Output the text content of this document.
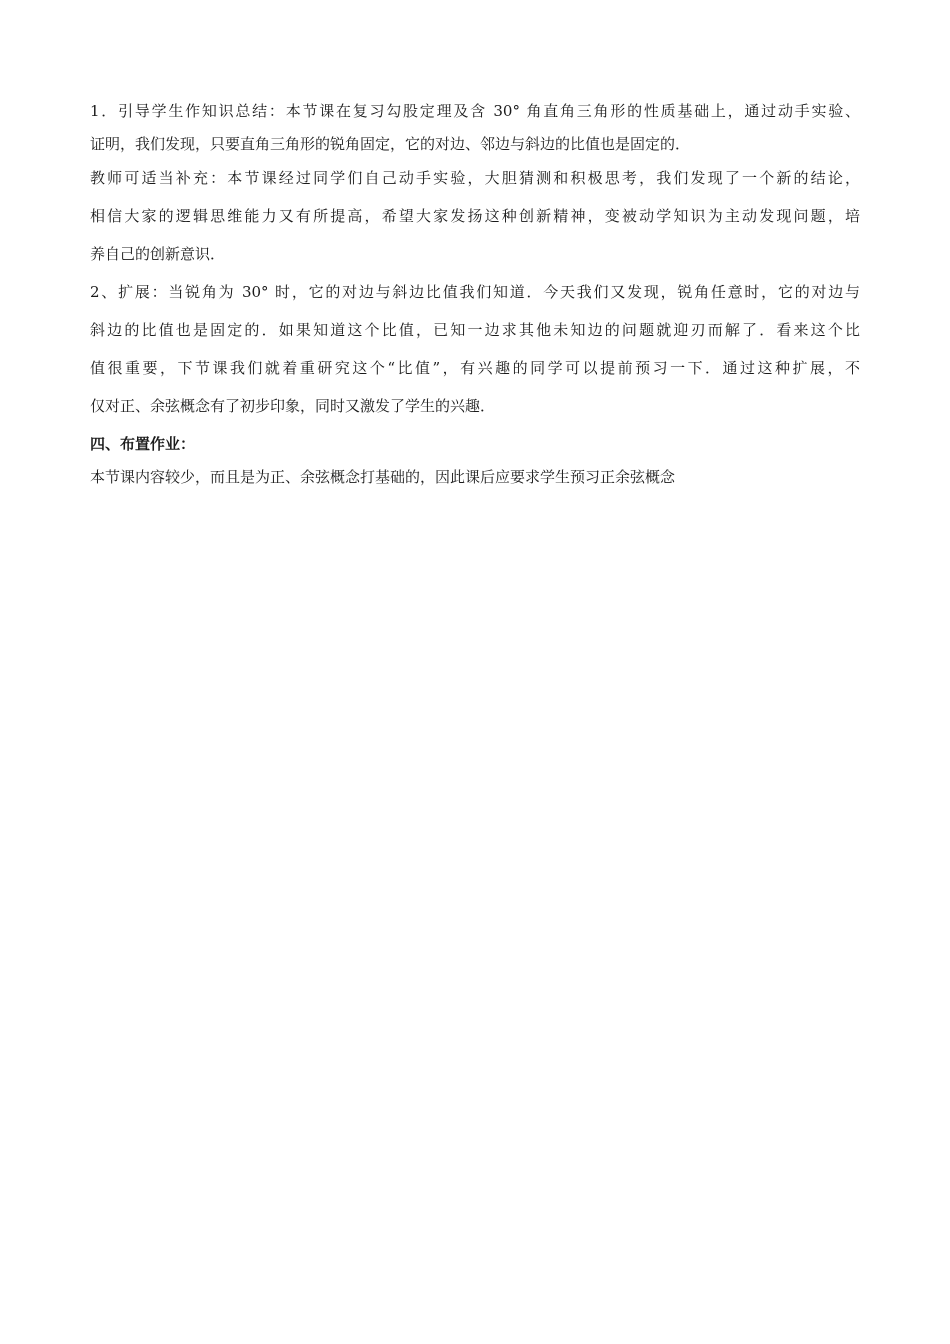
1．引导学生作知识总结：本节课在复习勾股定理及含 30° 角直角三角形的性质基础上，通过动手实验、
证明，我们发现，只要直角三角形的锐角固定，它的对边、邻边与斜边的比值也是固定的．
教师可适当补充：本节课经过同学们自己动手实验，大胆猜测和积极思考，我们发现了一个新的结论，
相信大家的逻辑思维能力又有所提高，希望大家发扬这种创新精神，变被动学知识为主动发现问题，培
养自己的创新意识．
2、扩展：当锐角为 30° 时，它的对边与斜边比值我们知道．今天我们又发现，锐角任意时，它的对边与
斜边的比值也是固定的．如果知道这个比值，已知一边求其他未知边的问题就迎刃而解了．看来这个比
值很重要，下节课我们就着重研究这个“比值”，有兴趣的同学可以提前预习一下．通过这种扩展，不
仅对正、余弦概念有了初步印象，同时又激发了学生的兴趣．
四、布置作业：
本节课内容较少，而且是为正、余弦概念打基础的，因此课后应要求学生预习正余弦概念
